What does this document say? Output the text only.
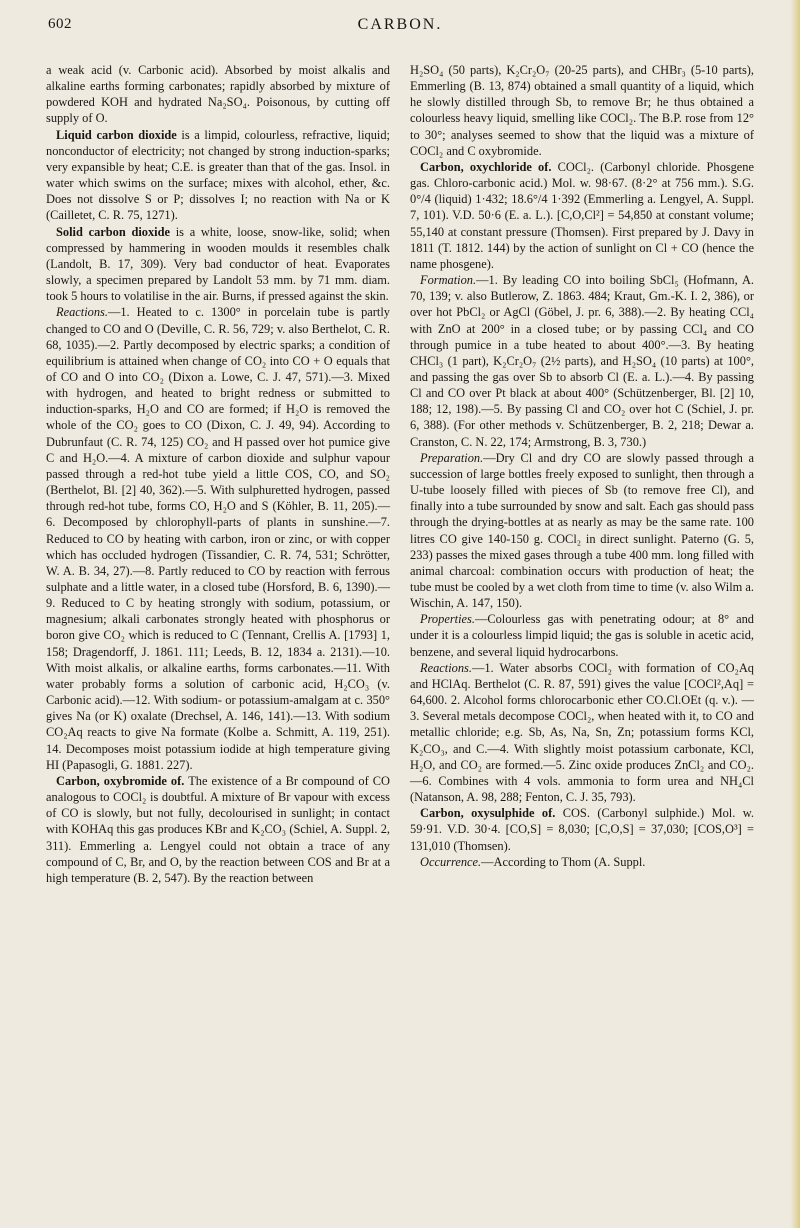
602	CARBON.

a weak acid (v. Carbonic acid). Absorbed by moist alkalis and alkaline earths forming carbonates; rapidly absorbed by mixture of powdered KOH and hydrated Na₂SO₄. Poisonous, by cutting off supply of O.

Liquid carbon dioxide is a limpid, colourless, refractive, liquid; nonconductor of electricity; not changed by strong induction-sparks; very expansible by heat; C.E. is greater than that of the gas. Insol. in water which swims on the surface; mixes with alcohol, ether, &c. Does not dissolve S or P; dissolves I; no reaction with Na or K (Cailletet, C. R. 75, 1271).

Solid carbon dioxide is a white, loose, snow-like, solid; when compressed by hammering in wooden moulds it resembles chalk (Landolt, B. 17, 309). Very bad conductor of heat. Evaporates slowly, a specimen prepared by Landolt 53 mm. by 71 mm. diam. took 5 hours to volatilise in the air. Burns, if pressed against the skin.

Reactions.—1. Heated to c. 1300° in porcelain tube is partly changed to CO and O (Deville, C. R. 56, 729; v. also Berthelot, C. R. 68, 1035).—2. Partly decomposed by electric sparks; a condition of equilibrium is attained when change of CO₂ into CO + O equals that of CO and O into CO₂ (Dixon a. Lowe, C. J. 47, 571).—3. Mixed with hydrogen, and heated to bright redness or submitted to induction-sparks, H₂O and CO are formed; if H₂O is removed the whole of the CO₂ goes to CO (Dixon, C. J. 49, 94). According to Dubrunfaut (C. R. 74, 125) CO₂ and H passed over hot pumice give C and H₂O.—4. A mixture of carbon dioxide and sulphur vapour passed through a red-hot tube yield a little COS, CO, and SO₂ (Berthelot, Bl. [2] 40, 362).—5. With sulphuretted hydrogen, passed through red-hot tube, forms CO, H₂O and S (Köhler, B. 11, 205).—6. Decomposed by chlorophyll-parts of plants in sunshine.—7. Reduced to CO by heating with carbon, iron or zinc, or with copper which has occluded hydrogen (Tissandier, C. R. 74, 531; Schrötter, W. A. B. 34, 27).—8. Partly reduced to CO by reaction with ferrous sulphate and a little water, in a closed tube (Horsford, B. 6, 1390).—9. Reduced to C by heating strongly with sodium, potassium, or magnesium; alkali carbonates strongly heated with phosphorus or boron give CO₂ which is reduced to C (Tennant, Crellis A. [1793] 1, 158; Dragendorff, J. 1861. 111; Leeds, B. 12, 1834 a. 2131).—10. With moist alkalis, or alkaline earths, forms carbonates.—11. With water probably forms a solution of carbonic acid, H₂CO₃ (v. Carbonic acid).—12. With sodium- or potassium-amalgam at c. 350° gives Na (or K) oxalate (Drechsel, A. 146, 141).—13. With sodium CO₂Aq reacts to give Na formate (Kolbe a. Schmitt, A. 119, 251). 14. Decomposes moist potassium iodide at high temperature giving HI (Papasogli, G. 1881. 227).

Carbon, oxybromide of. The existence of a Br compound of CO analogous to COCl₂ is doubtful. A mixture of Br vapour with excess of CO is slowly, but not fully, decolourised in sunlight; in contact with KOHAq this gas produces KBr and K₂CO₃ (Schiel, A. Suppl. 2, 311). Emmerling a. Lengyel could not obtain a trace of any compound of C, Br, and O, by the reaction between COS and Br at a high temperature (B. 2, 547). By the reaction between

H₂SO₄ (50 parts), K₂Cr₂O₇ (20-25 parts), and CHBr₃ (5-10 parts), Emmerling (B. 13, 874) obtained a small quantity of a liquid, which he slowly distilled through Sb, to remove Br; he thus obtained a colourless heavy liquid, smelling like COCl₂. The B.P. rose from 12° to 30°; analyses seemed to show that the liquid was a mixture of COCl₂ and C oxybromide.

Carbon, oxychloride of. COCl₂. (Carbonyl chloride. Phosgene gas. Chloro-carbonic acid.) Mol. w. 98·67. (8·2° at 756 mm.). S.G. 0°/4 (liquid) 1·432; 18.6°/4 1·392 (Emmerling a. Lengyel, A. Suppl. 7, 101). V.D. 50·6 (E. a. L.). [C,O,Cl²] = 54,850 at constant volume; 55,140 at constant pressure (Thomsen). First prepared by J. Davy in 1811 (T. 1812. 144) by the action of sunlight on Cl + CO (hence the name phosgene).

Formation.—1. By leading CO into boiling SbCl₅ (Hofmann, A. 70, 139; v. also Butlerow, Z. 1863. 484; Kraut, Gm.-K. I. 2, 386), or over hot PbCl₂ or AgCl (Göbel, J. pr. 6, 388).—2. By heating CCl₄ with ZnO at 200° in a closed tube; or by passing CCl₄ and CO through pumice in a tube heated to about 400°.—3. By heating CHCl₃ (1 part), K₂Cr₂O₇ (2½ parts), and H₂SO₄ (10 parts) at 100°, and passing the gas over Sb to absorb Cl (E. a. L.).—4. By passing Cl and CO over Pt black at about 400° (Schützenberger, Bl. [2] 10, 188; 12, 198).—5. By passing Cl and CO₂ over hot C (Schiel, J. pr. 6, 388). (For other methods v. Schützenberger, B. 2, 218; Dewar a. Cranston, C. N. 22, 174; Armstrong, B. 3, 730.)

Preparation.—Dry Cl and dry CO are slowly passed through a succession of large bottles freely exposed to sunlight, then through a U-tube loosely filled with pieces of Sb (to remove free Cl), and finally into a tube surrounded by snow and salt. Each gas should pass through the drying-bottles at as nearly as may be the same rate. 100 litres CO give 140-150 g. COCl₂ in direct sunlight. Paterno (G. 5, 233) passes the mixed gases through a tube 400 mm. long filled with animal charcoal: combination occurs with production of heat; the tube must be cooled by a wet cloth from time to time (v. also Wilm a. Wischin, A. 147, 150).

Properties.—Colourless gas with penetrating odour; at 8° and under it is a colourless limpid liquid; the gas is soluble in acetic acid, benzene, and several liquid hydrocarbons.

Reactions.—1. Water absorbs COCl₂ with formation of CO₂Aq and HClAq. Berthelot (C. R. 87, 591) gives the value [COCl²,Aq] = 64,600. 2. Alcohol forms chlorocarbonic ether CO.Cl.OEt (q. v.). — 3. Several metals decompose COCl₂, when heated with it, to CO and metallic chloride; e.g. Sb, As, Na, Sn, Zn; potassium forms KCl, K₂CO₃, and C.—4. With slightly moist potassium carbonate, KCl, H₂O, and CO₂ are formed.—5. Zinc oxide produces ZnCl₂ and CO₂.—6. Combines with 4 vols. ammonia to form urea and NH₄Cl (Natanson, A. 98, 288; Fenton, C. J. 35, 793).

Carbon, oxysulphide of. COS. (Carbonyl sulphide.) Mol. w. 59·91. V.D. 30·4. [CO,S] = 8,030; [C,O,S] = 37,030; [COS,O³] = 131,010 (Thomsen).

Occurrence.—According to Thom (A. Suppl.
